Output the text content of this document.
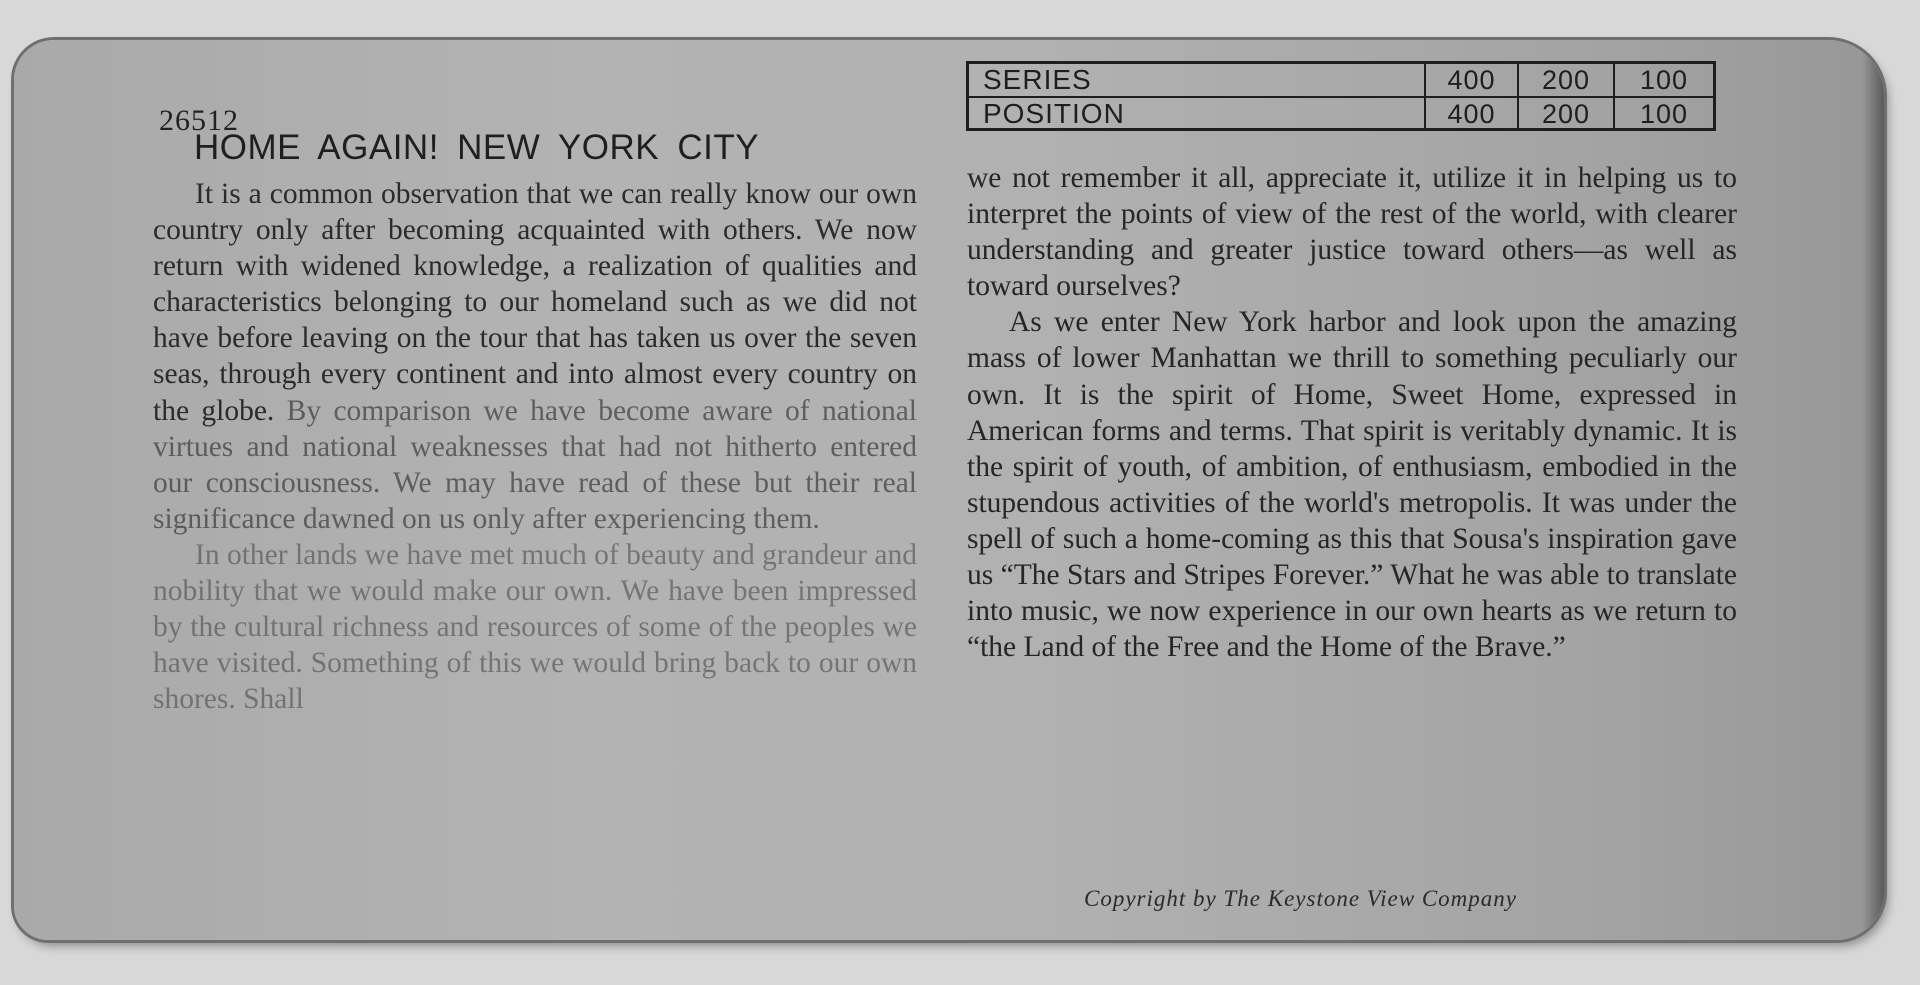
26512
HOME AGAIN! NEW YORK CITY
SERIES	400	200	100
POSITION	400	200	100

It is a common observation that we can really know our own country only after becoming acquainted with others. We now return with widened knowledge, a realization of qualities and characteristics belonging to our homeland such as we did not have before leaving on the tour that has taken us over the seven seas, through every continent and into almost every country on the globe. By comparison we have become aware of national virtues and national weaknesses that had not hitherto entered our consciousness. We may have read of these but their real significance dawned on us only after experiencing them.

In other lands we have met much of beauty and grandeur and nobility that we would make our own. We have been impressed by the cultural richness and resources of some of the peoples we have visited. Something of this we would bring back to our own shores. Shall

we not remember it all, appreciate it, utilize it in helping us to interpret the points of view of the rest of the world, with clearer understanding and greater justice toward others—as well as toward ourselves?

As we enter New York harbor and look upon the amazing mass of lower Manhattan we thrill to something peculiarly our own. It is the spirit of Home, Sweet Home, expressed in American forms and terms. That spirit is veritably dynamic. It is the spirit of youth, of ambition, of enthusiasm, embodied in the stupendous activities of the world's metropolis. It was under the spell of such a home-coming as this that Sousa's inspiration gave us “The Stars and Stripes Forever.” What he was able to translate into music, we now experience in our own hearts as we return to “the Land of the Free and the Home of the Brave.”

Copyright by The Keystone View Company
